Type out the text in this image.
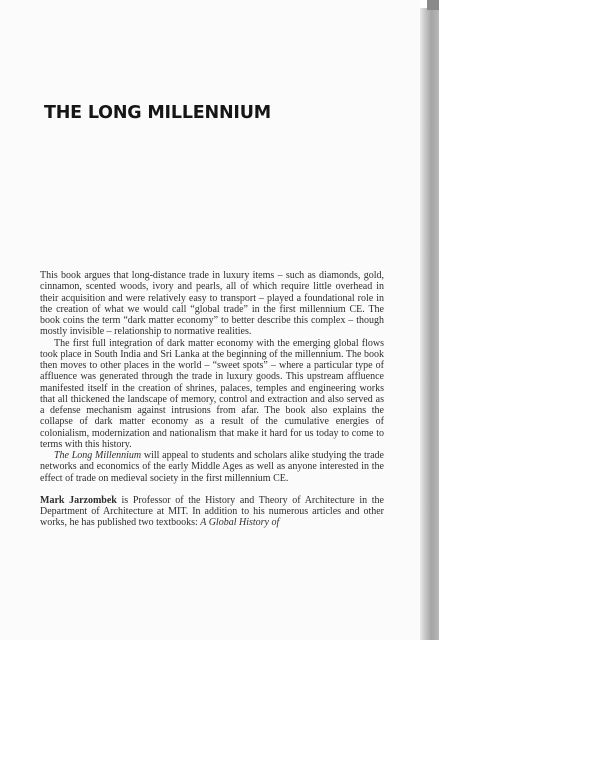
THE LONG MILLENNIUM

This book argues that long-distance trade in luxury items – such as diamonds, gold, cinnamon, scented woods, ivory and pearls, all of which require little overhead in their acquisition and were relatively easy to transport – played a foundational role in the creation of what we would call “global trade” in the first millennium CE. The book coins the term “dark matter economy” to better describe this complex – though mostly invisible – relationship to normative realities.

The first full integration of dark matter economy with the emerging global flows took place in South India and Sri Lanka at the beginning of the millennium. The book then moves to other places in the world – “sweet spots” – where a particular type of affluence was generated through the trade in luxury goods. This upstream affluence manifested itself in the creation of shrines, palaces, temples and engineering works that all thickened the landscape of memory, control and extraction and also served as a defense mechanism against intrusions from afar. The book also explains the collapse of dark matter economy as a result of the cumulative energies of colonialism, modernization and nationalism that make it hard for us today to come to terms with this history.

The Long Millennium will appeal to students and scholars alike studying the trade networks and economics of the early Middle Ages as well as anyone interested in the effect of trade on medieval society in the first millennium CE.

Mark Jarzombek is Professor of the History and Theory of Architecture in the Department of Architecture at MIT. In addition to his numerous articles and other works, he has published two textbooks: A Global History of
